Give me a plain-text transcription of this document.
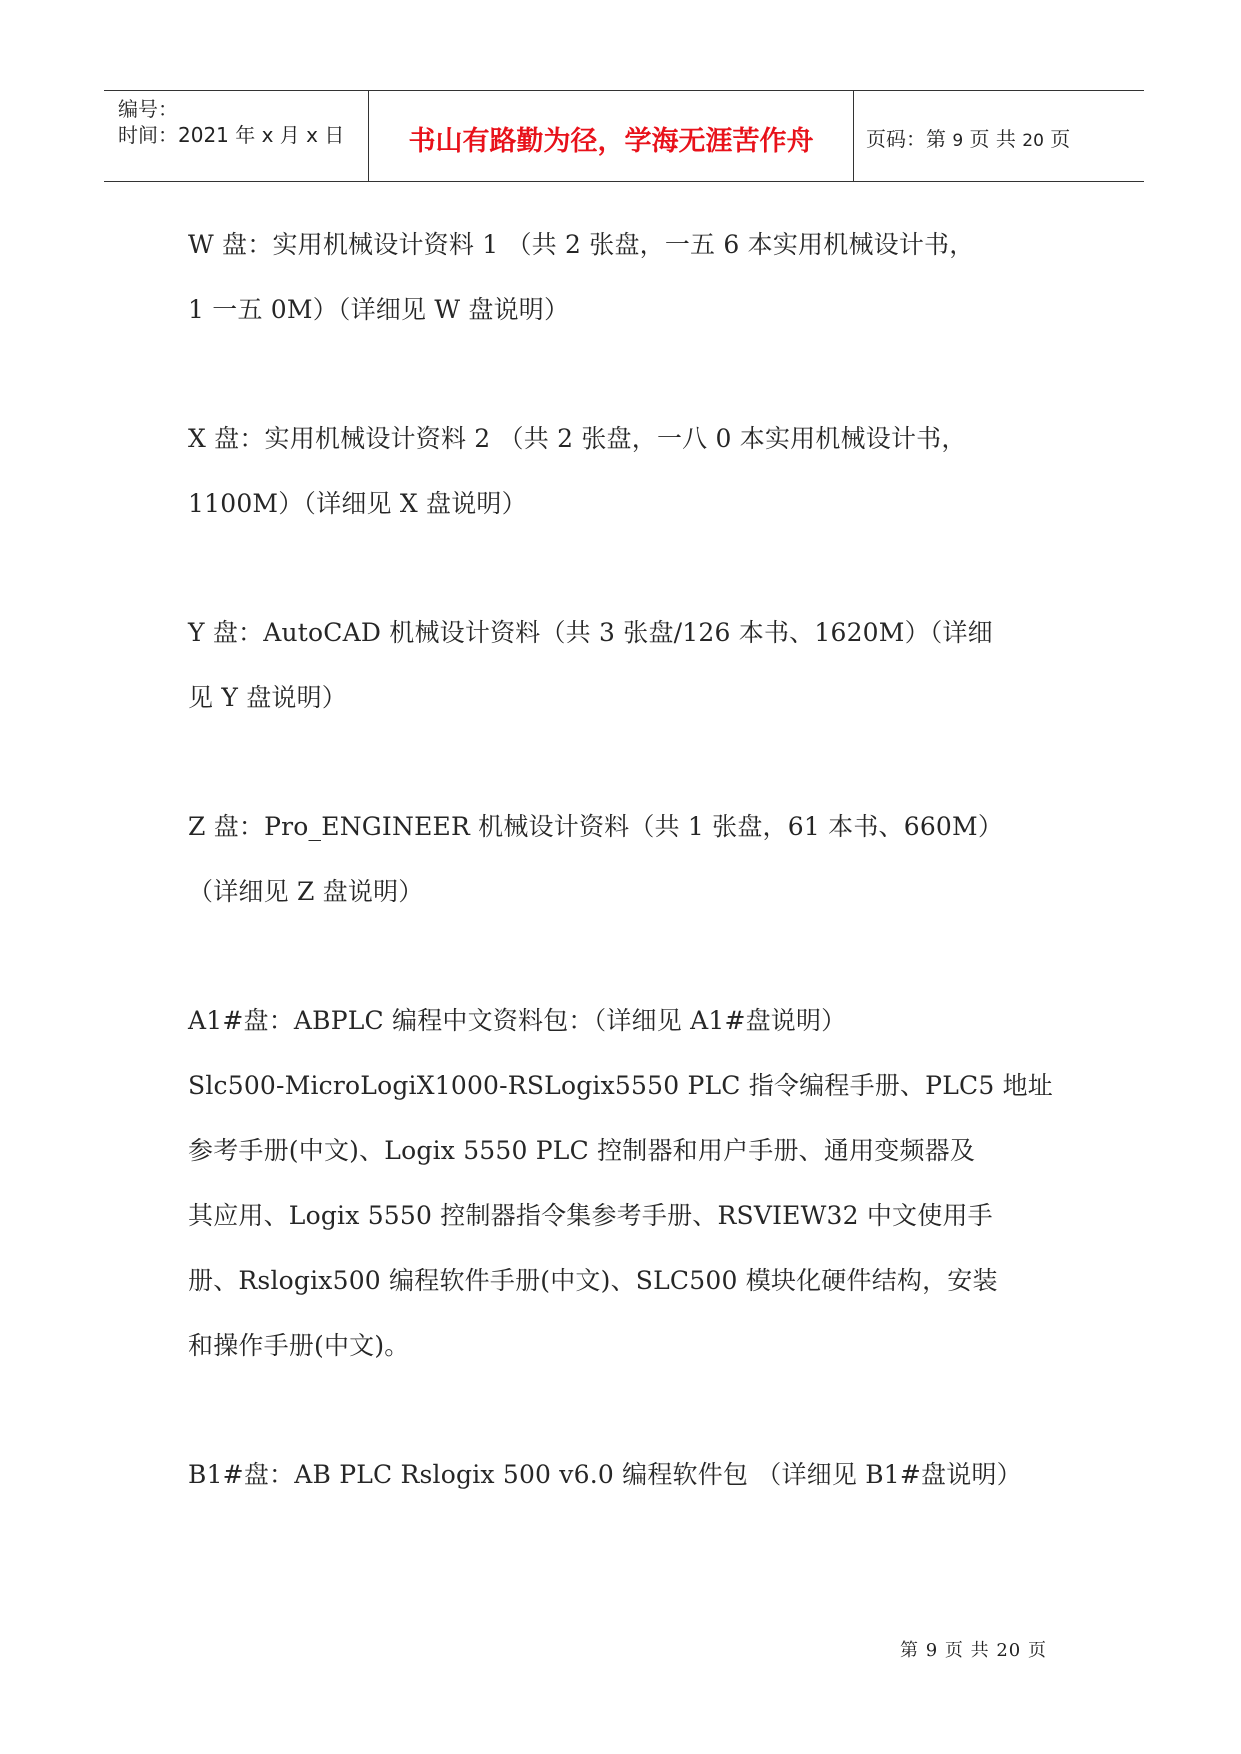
编号：
时间：2021 年 x 月 x 日	书山有路勤为径，学海无涯苦作舟	页码：第 9 页 共 20 页
W 盘：实用机械设计资料 1 （共 2 张盘，一五 6 本实用机械设计书，
1 一五 0M）（详细见 W 盘说明）
X 盘：实用机械设计资料 2 （共 2 张盘，一八 0 本实用机械设计书，
1100M）（详细见 X 盘说明）
Y 盘：AutoCAD 机械设计资料（共 3 张盘/126 本书、1620M）（详细
见 Y 盘说明）
Z 盘：Pro_ENGINEER 机械设计资料（共 1 张盘，61 本书、660M）
（详细见 Z 盘说明）
A1#盘：ABPLC 编程中文资料包：（详细见 A1#盘说明）
Slc500-MicroLogiX1000-RSLogix5550 PLC 指令编程手册、PLC5 地址
参考手册(中文)、Logix 5550 PLC 控制器和用户手册、通用变频器及
其应用、Logix 5550 控制器指令集参考手册、RSVIEW32 中文使用手
册、Rslogix500 编程软件手册(中文)、SLC500 模块化硬件结构，安装
和操作手册(中文)。
B1#盘：AB PLC Rslogix 500 v6.0 编程软件包 （详细见 B1#盘说明）
第 9 页 共 20 页
